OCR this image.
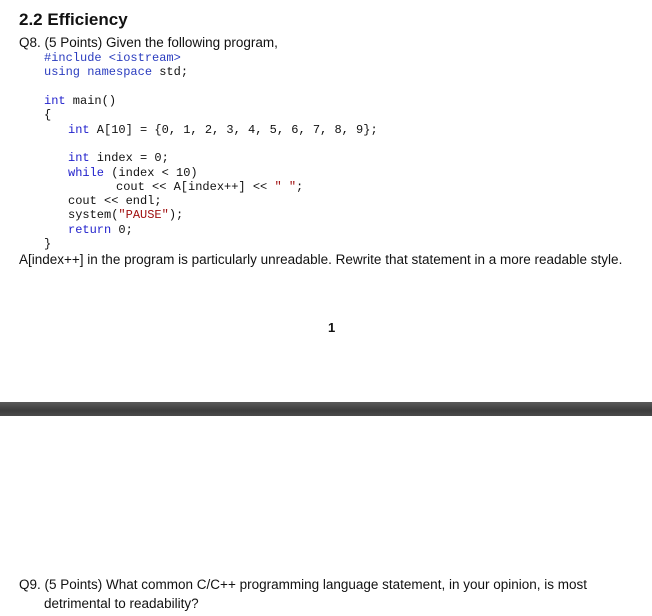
2.2 Efficiency

Q8. (5 Points) Given the following program,

#include <iostream>
using namespace std;
int main()
{
int A[10] = {0, 1, 2, 3, 4, 5, 6, 7, 8, 9};
int index = 0;
while (index < 10)
cout << A[index++] << " ";
cout << endl;
system("PAUSE");
return 0;
}

A[index++] in the program is particularly unreadable. Rewrite that statement in a more readable style.

1

Q9. (5 Points) What common C/C++ programming language statement, in your opinion, is most

detrimental to readability?
